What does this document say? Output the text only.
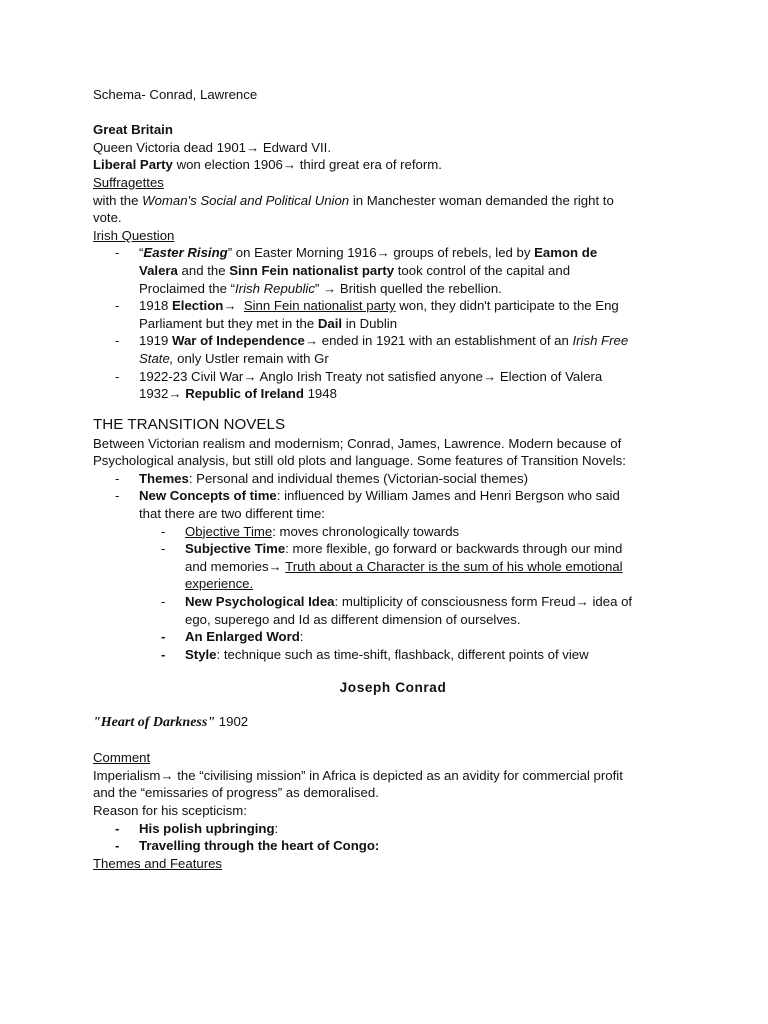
Schema- Conrad, Lawrence

Great Britain

Queen Victoria dead 1901→ Edward VII.

Liberal Party won election 1906→ third great era of reform.

Suffragettes

with the Woman's Social and Political Union in Manchester woman demanded the right to

vote.

Irish Question

- “Easter Rising” on Easter Morning 1916→ groups of rebels, led by Eamon de

Valera and the Sinn Fein nationalist party took control of the capital and

Proclaimed the “Irish Republic” → British quelled the rebellion.

- 1918 Election→  Sinn Fein nationalist party won, they didn't participate to the Eng

Parliament but they met in the Dail in Dublin

- 1919 War of Independence→ ended in 1921 with an establishment of an Irish Free

State, only Ustler remain with Gr

- 1922-23 Civil War→ Anglo Irish Treaty not satisfied anyone→ Election of Valera

1932→ Republic of Ireland 1948

THE TRANSITION NOVELS

Between Victorian realism and modernism; Conrad, James, Lawrence. Modern because of

Psychological analysis, but still old plots and language. Some features of Transition Novels:

- Themes: Personal and individual themes (Victorian-social themes)

- New Concepts of time: influenced by William James and Henri Bergson who said

that there are two different time:

- Objective Time: moves chronologically towards

- Subjective Time: more flexible, go forward or backwards through our mind

and memories→ Truth about a Character is the sum of his whole emotional

experience.

- New Psychological Idea: multiplicity of consciousness form Freud→ idea of

ego, superego and Id as different dimension of ourselves.

- An Enlarged Word:

- Style: technique such as time-shift, flashback, different points of view

Joseph Conrad

"Heart of Darkness" 1902

Comment

Imperialism→ the “civilising mission” in Africa is depicted as an avidity for commercial profit

and the “emissaries of progress” as demoralised.

Reason for his scepticism:

- His polish upbringing:

- Travelling through the heart of Congo:

Themes and Features
